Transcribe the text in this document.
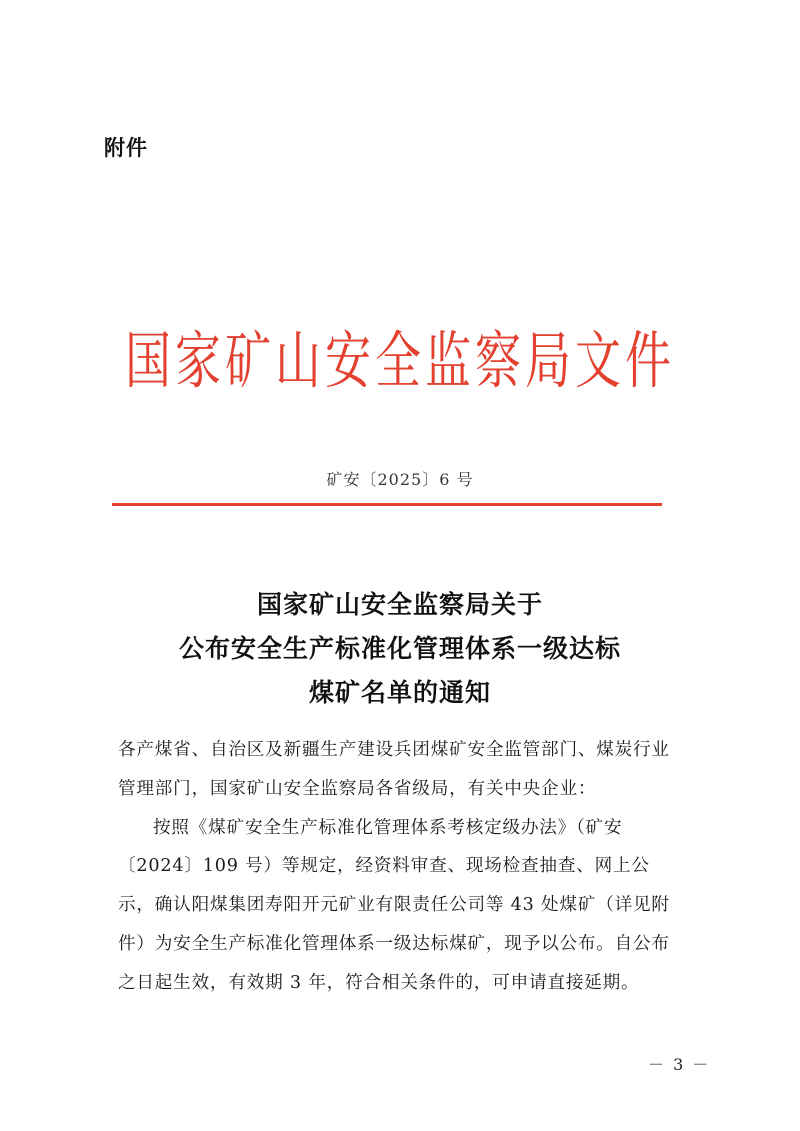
附件
国家矿山安全监察局文件
矿安〔2025〕6 号
国家矿山安全监察局关于
公布安全生产标准化管理体系一级达标
煤矿名单的通知

各产煤省、自治区及新疆生产建设兵团煤矿安全监管部门、煤炭行业管理部门，国家矿山安全监察局各省级局，有关中央企业：

按照《煤矿安全生产标准化管理体系考核定级办法》（矿安〔2024〕109 号）等规定，经资料审查、现场检查抽查、网上公示，确认阳煤集团寿阳开元矿业有限责任公司等 43 处煤矿（详见附件）为安全生产标准化管理体系一级达标煤矿，现予以公布。自公布之日起生效，有效期 3 年，符合相关条件的，可申请直接延期。

－ 3 －
